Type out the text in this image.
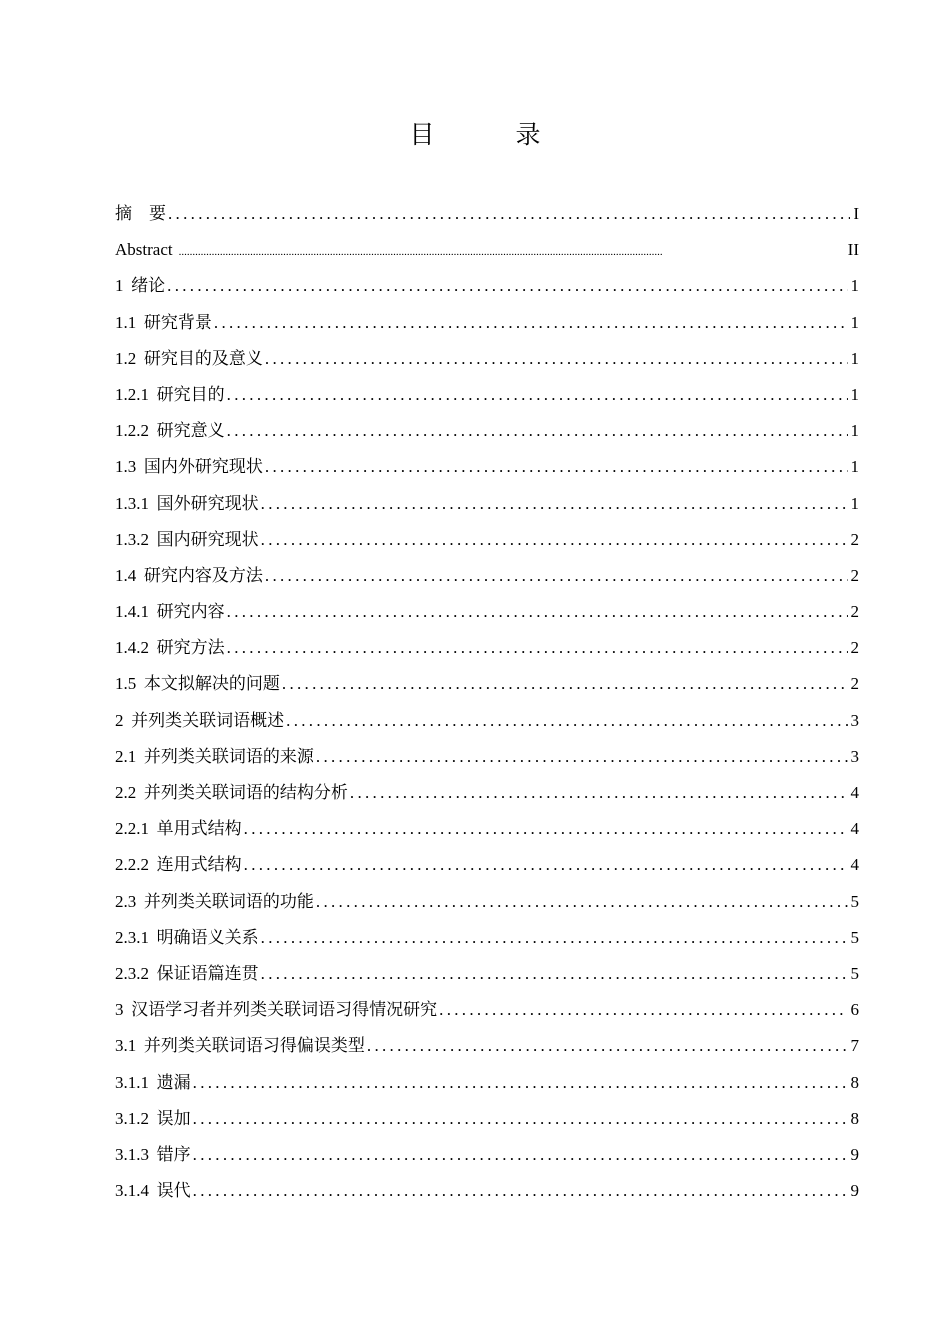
目　录
摘　要 .....	I
Abstract .....	II
1 绪论 .....	1
1.1 研究背景 .....	1
1.2 研究目的及意义 .....	1
1.2.1 研究目的 .....	1
1.2.2 研究意义 .....	1
1.3 国内外研究现状 .....	1
1.3.1 国外研究现状 .....	1
1.3.2 国内研究现状 .....	2
1.4 研究内容及方法 .....	2
1.4.1 研究内容 .....	2
1.4.2 研究方法 .....	2
1.5 本文拟解决的问题 .....	2
2 并列类关联词语概述 .....	3
2.1 并列类关联词语的来源 .....	3
2.2 并列类关联词语的结构分析 .....	4
2.2.1 单用式结构 .....	4
2.2.2 连用式结构 .....	4
2.3 并列类关联词语的功能 .....	5
2.3.1 明确语义关系 .....	5
2.3.2 保证语篇连贯 .....	5
3 汉语学习者并列类关联词语习得情况研究 .....	6
3.1 并列类关联词语习得偏误类型 .....	7
3.1.1 遗漏 .....	8
3.1.2 误加 .....	8
3.1.3 错序 .....	9
3.1.4 误代 .....	9
